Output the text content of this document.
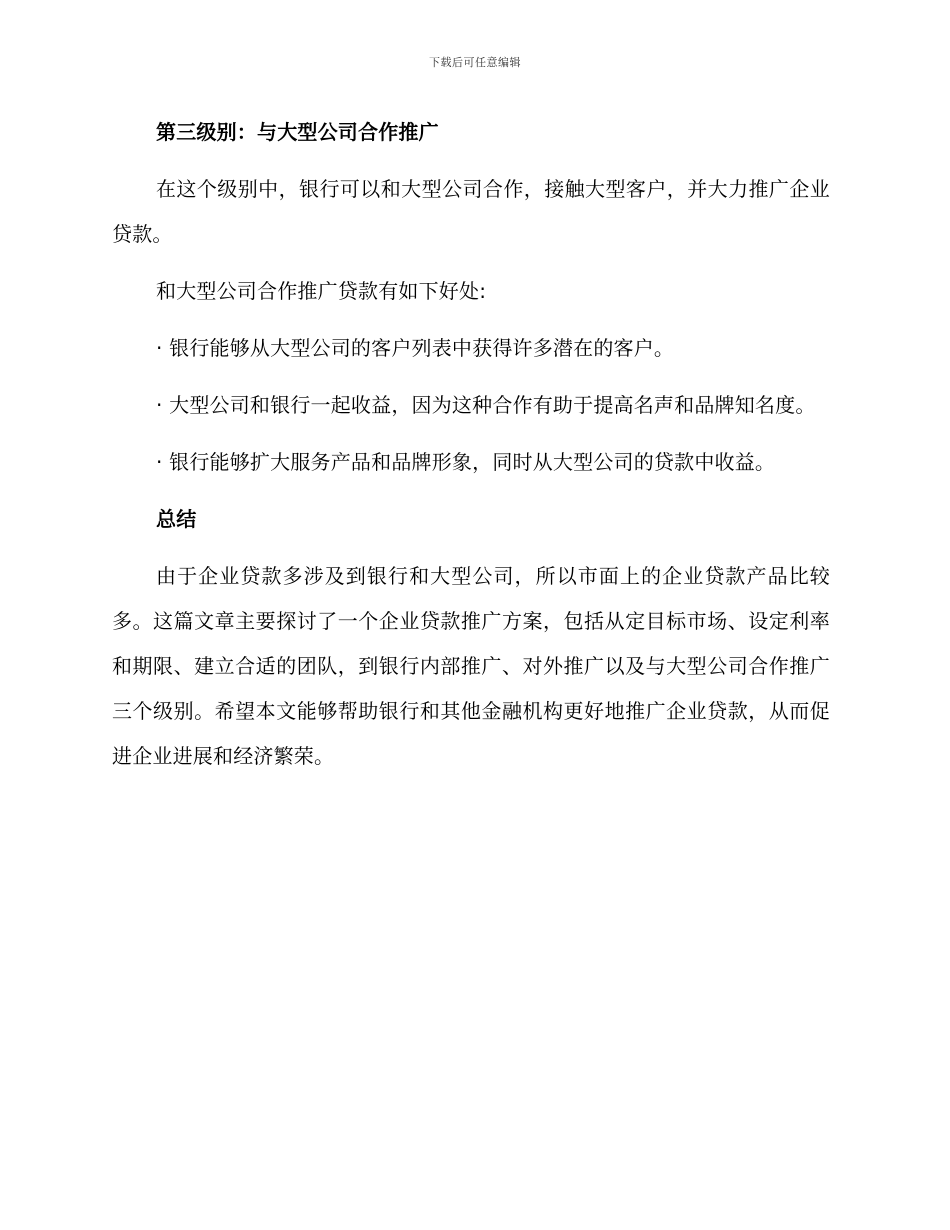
下载后可任意编辑

第三级别：与大型公司合作推广

在这个级别中，银行可以和大型公司合作，接触大型客户，并大力推广企业贷款。

和大型公司合作推广贷款有如下好处:

· 银行能够从大型公司的客户列表中获得许多潜在的客户。

· 大型公司和银行一起收益，因为这种合作有助于提高名声和品牌知名度。

· 银行能够扩大服务产品和品牌形象，同时从大型公司的贷款中收益。

总结

由于企业贷款多涉及到银行和大型公司，所以市面上的企业贷款产品比较多。这篇文章主要探讨了一个企业贷款推广方案，包括从定目标市场、设定利率和期限、建立合适的团队，到银行内部推广、对外推广以及与大型公司合作推广三个级别。希望本文能够帮助银行和其他金融机构更好地推广企业贷款，从而促进企业进展和经济繁荣。
